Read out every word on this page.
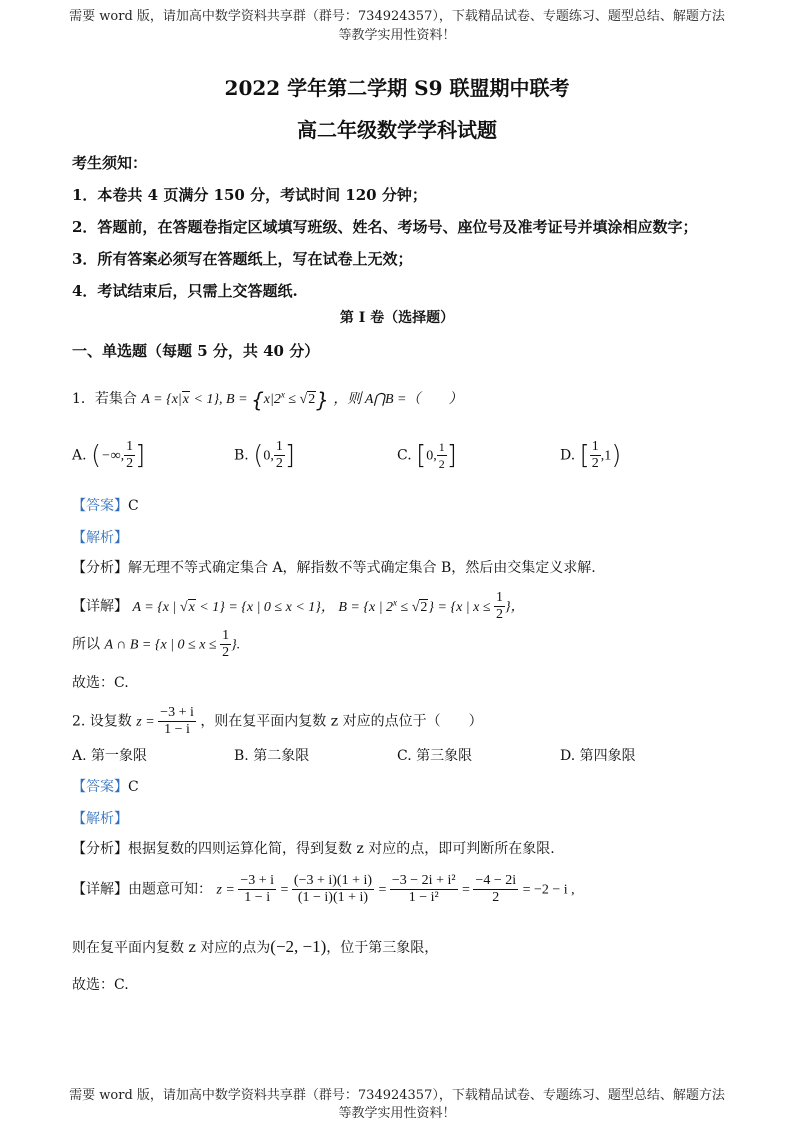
需要 word 版，请加高中数学资料共享群（群号：734924357），下载精品试卷、专题练习、题型总结、解题方法
等教学实用性资料！
2022 学年第二学期 S9 联盟期中联考
高二年级数学学科试题
考生须知：
1．本卷共 4 页满分 150 分，考试时间 120 分钟；
2．答题前，在答题卷指定区域填写班级、姓名、考场号、座位号及准考证号并填涂相应数字；
3．所有答案必须写在答题纸上，写在试卷上无效；
4．考试结束后，只需上交答题纸.
第 I 卷（选择题）
一、单选题（每题 5 分，共 40 分）
1．若集合 A = {x|x < 1}, $B = \{x|2^x \le √2\}$ ，则 A⋂B =（　　）
A. (−∞, $\frac{1}{2}$ ]	B. (0, $\frac{1}{2}$ ]	C. [0, $\frac{1}{2}$ ]	D. [ $\frac{1}{2} ,1$)
【答案】C
【解析】
【分析】解无理不等式确定集合 A，解指数不等式确定集合 B，然后由交集定义求解.
【详解】 A = {x | √x < 1} = {x | 0 ≤ x < 1}， B = {x | $2^x \le √2\} = \{x$ | $x \le \frac{1}{2}$ }，
所以 A ∩ B = {x | $0 \le x \le \frac{1}{2}$ }.
故选：C.
2. 设复数 $z = \frac{-3 + i}{1 - i}$ ，则在复平面内复数 z 对应的点位于（　　）
A. 第一象限	B. 第二象限	C. 第三象限	D. 第四象限
【答案】C
【解析】
【分析】根据复数的四则运算化简，得到复数 z 对应的点，即可判断所在象限.
【详解】由题意可知： $z = \frac{-3 + i}{1 - i} = \frac{(-3 + i)(1 + i)}{(1 - i)(1 + i)} = \frac{\text{−3 − 2i + i²}}{\text{1 − i²}} = \frac{-4 - 2i}{2} = -2 - i$ ,
则在复平面内复数 z 对应的点为(−2, −1)，位于第三象限，
故选：C.
需要 word 版，请加高中数学资料共享群（群号：734924357），下载精品试卷、专题练习、题型总结、解题方法
等教学实用性资料！
